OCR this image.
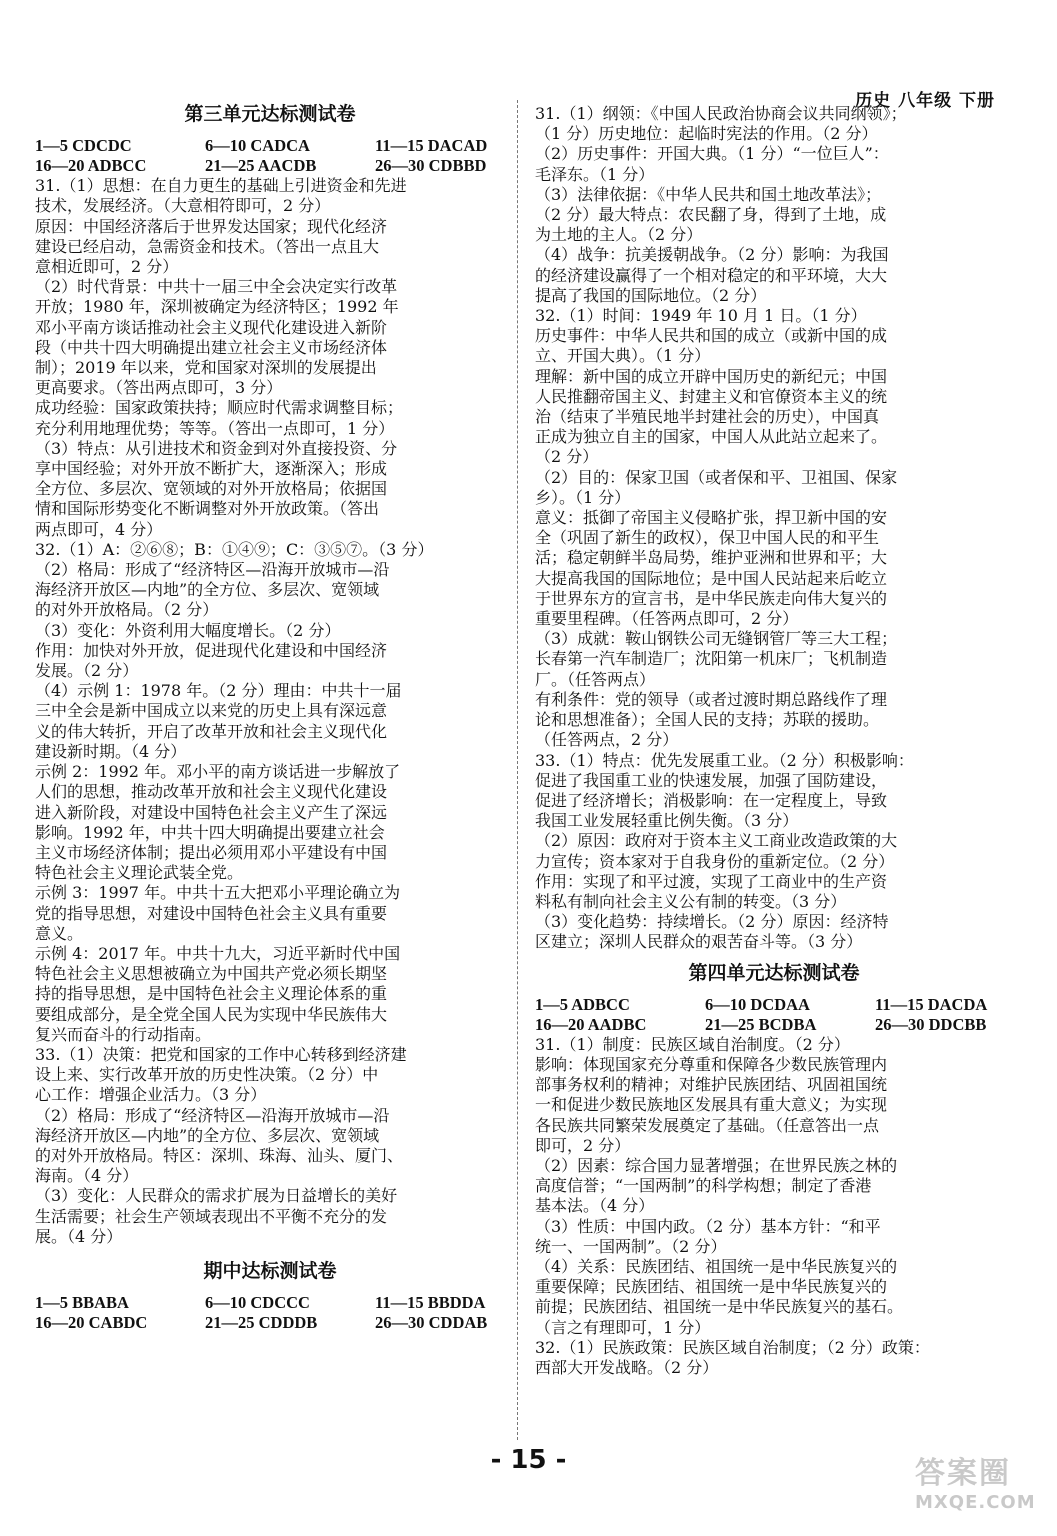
历史 八年级 下册
第三单元达标测试卷
1—5 CDCDC	6—10 CADCA	11—15 DACAD
16—20 ADBCC	21—25 AACDB	26—30 CDBBD

31.（1）思想：在自力更生的基础上引进资金和先进

技术，发展经济。（大意相符即可，2 分）

原因：中国经济落后于世界发达国家；现代化经济

建设已经启动，急需资金和技术。（答出一点且大

意相近即可，2 分）

（2）时代背景：中共十一届三中全会决定实行改革

开放；1980 年，深圳被确定为经济特区；1992 年

邓小平南方谈话推动社会主义现代化建设进入新阶

段（中共十四大明确提出建立社会主义市场经济体

制）；2019 年以来，党和国家对深圳的发展提出

更高要求。（答出两点即可，3 分）

成功经验：国家政策扶持；顺应时代需求调整目标；

充分利用地理优势；等等。（答出一点即可，1 分）

（3）特点：从引进技术和资金到对外直接投资、分

享中国经验；对外开放不断扩大，逐渐深入；形成

全方位、多层次、宽领域的对外开放格局；依据国

情和国际形势变化不断调整对外开放政策。（答出

两点即可，4 分）

32.（1）A：②⑥⑧；B：①④⑨；C：③⑤⑦。（3 分）

（2）格局：形成了“经济特区—沿海开放城市—沿

海经济开放区—内地”的全方位、多层次、宽领域

的对外开放格局。（2 分）

（3）变化：外资利用大幅度增长。（2 分）

作用：加快对外开放，促进现代化建设和中国经济

发展。（2 分）

（4）示例 1：1978 年。（2 分）理由：中共十一届

三中全会是新中国成立以来党的历史上具有深远意

义的伟大转折，开启了改革开放和社会主义现代化

建设新时期。（4 分）

示例 2：1992 年。邓小平的南方谈话进一步解放了

人们的思想，推动改革开放和社会主义现代化建设

进入新阶段，对建设中国特色社会主义产生了深远

影响。1992 年，中共十四大明确提出要建立社会

主义市场经济体制；提出必须用邓小平建设有中国

特色社会主义理论武装全党。

示例 3：1997 年。中共十五大把邓小平理论确立为

党的指导思想，对建设中国特色社会主义具有重要

意义。

示例 4：2017 年。中共十九大，习近平新时代中国

特色社会主义思想被确立为中国共产党必须长期坚

持的指导思想，是中国特色社会主义理论体系的重

要组成部分，是全党全国人民为实现中华民族伟大

复兴而奋斗的行动指南。

33.（1）决策：把党和国家的工作中心转移到经济建

设上来、实行改革开放的历史性决策。（2 分）中

心工作：增强企业活力。（3 分）

（2）格局：形成了“经济特区—沿海开放城市—沿

海经济开放区—内地”的全方位、多层次、宽领域

的对外开放格局。特区：深圳、珠海、汕头、厦门、

海南。（4 分）

（3）变化：人民群众的需求扩展为日益增长的美好

生活需要；社会生产领域表现出不平衡不充分的发

展。（4 分）

期中达标测试卷
1—5 BBABA	6—10 CDCCC	11—15 BBDDA
16—20 CABDC	21—25 CDDDB	26—30 CDDAB

31.（1）纲领：《中国人民政治协商会议共同纲领》；

（1 分）历史地位：起临时宪法的作用。（2 分）

（2）历史事件：开国大典。（1 分）“一位巨人”：

毛泽东。（1 分）

（3）法律依据：《中华人民共和国土地改革法》；

（2 分）最大特点：农民翻了身，得到了土地，成

为土地的主人。（2 分）

（4）战争：抗美援朝战争。（2 分）影响：为我国

的经济建设赢得了一个相对稳定的和平环境，大大

提高了我国的国际地位。（2 分）

32.（1）时间：1949 年 10 月 1 日。（1 分）

历史事件：中华人民共和国的成立（或新中国的成

立、开国大典）。（1 分）

理解：新中国的成立开辟中国历史的新纪元；中国

人民推翻帝国主义、封建主义和官僚资本主义的统

治（结束了半殖民地半封建社会的历史），中国真

正成为独立自主的国家，中国人从此站立起来了。

（2 分）

（2）目的：保家卫国（或者保和平、卫祖国、保家

乡）。（1 分）

意义：抵御了帝国主义侵略扩张，捍卫新中国的安

全（巩固了新生的政权），保卫中国人民的和平生

活；稳定朝鲜半岛局势，维护亚洲和世界和平；大

大提高我国的国际地位；是中国人民站起来后屹立

于世界东方的宣言书，是中华民族走向伟大复兴的

重要里程碑。（任答两点即可，2 分）

（3）成就：鞍山钢铁公司无缝钢管厂等三大工程；

长春第一汽车制造厂；沈阳第一机床厂；飞机制造

厂。（任答两点）

有利条件：党的领导（或者过渡时期总路线作了理

论和思想准备）；全国人民的支持；苏联的援助。

（任答两点，2 分）

33.（1）特点：优先发展重工业。（2 分）积极影响：

促进了我国重工业的快速发展，加强了国防建设，

促进了经济增长；消极影响：在一定程度上，导致

我国工业发展轻重比例失衡。（3 分）

（2）原因：政府对于资本主义工商业改造政策的大

力宣传；资本家对于自我身份的重新定位。（2 分）

作用：实现了和平过渡，实现了工商业中的生产资

料私有制向社会主义公有制的转变。（3 分）

（3）变化趋势：持续增长。（2 分）原因：经济特

区建立；深圳人民群众的艰苦奋斗等。（3 分）

第四单元达标测试卷
1—5 ADBCC	6—10 DCDAA	11—15 DACDA
16—20 AADBC	21—25 BCDBA	26—30 DDCBB

31.（1）制度：民族区域自治制度。（2 分）

影响：体现国家充分尊重和保障各少数民族管理内

部事务权利的精神；对维护民族团结、巩固祖国统

一和促进少数民族地区发展具有重大意义；为实现

各民族共同繁荣发展奠定了基础。（任意答出一点

即可，2 分）

（2）因素：综合国力显著增强；在世界民族之林的

高度信誉；“一国两制”的科学构想；制定了香港

基本法。（4 分）

（3）性质：中国内政。（2 分）基本方针：“和平

统一、一国两制”。（2 分）

（4）关系：民族团结、祖国统一是中华民族复兴的

重要保障；民族团结、祖国统一是中华民族复兴的

前提；民族团结、祖国统一是中华民族复兴的基石。

（言之有理即可，1 分）

32.（1）民族政策：民族区域自治制度；（2 分）政策：

西部大开发战略。（2 分）

- 15 -	答案圈
MXQE.COM
